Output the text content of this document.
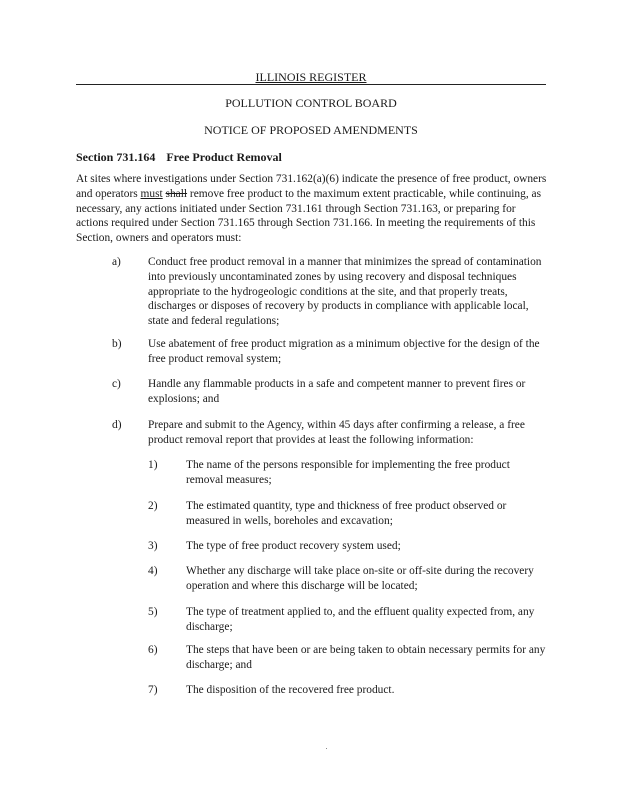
ILLINOIS REGISTER
POLLUTION CONTROL BOARD
NOTICE OF PROPOSED AMENDMENTS
Section 731.164 Free Product Removal
At sites where investigations under Section 731.162(a)(6) indicate the presence of free product, owners and operators must shall remove free product to the maximum extent practicable, while continuing, as necessary, any actions initiated under Section 731.161 through Section 731.163, or preparing for actions required under Section 731.165 through Section 731.166. In meeting the requirements of this Section, owners and operators must:
a) Conduct free product removal in a manner that minimizes the spread of contamination into previously uncontaminated zones by using recovery and disposal techniques appropriate to the hydrogeologic conditions at the site, and that properly treats, discharges or disposes of recovery by products in compliance with applicable local, state and federal regulations;
b) Use abatement of free product migration as a minimum objective for the design of the free product removal system;
c) Handle any flammable products in a safe and competent manner to prevent fires or explosions; and
d) Prepare and submit to the Agency, within 45 days after confirming a release, a free product removal report that provides at least the following information:
1)	The name of the persons responsible for implementing the free product removal measures;
2)	The estimated quantity, type and thickness of free product observed or measured in wells, boreholes and excavation;
3)	The type of free product recovery system used;
4)	Whether any discharge will take place on-site or off-site during the recovery operation and where this discharge will be located;
5)	The type of treatment applied to, and the effluent quality expected from, any discharge;
6)	The steps that have been or are being taken to obtain necessary permits for any discharge; and
7)	The disposition of the recovered free product.
